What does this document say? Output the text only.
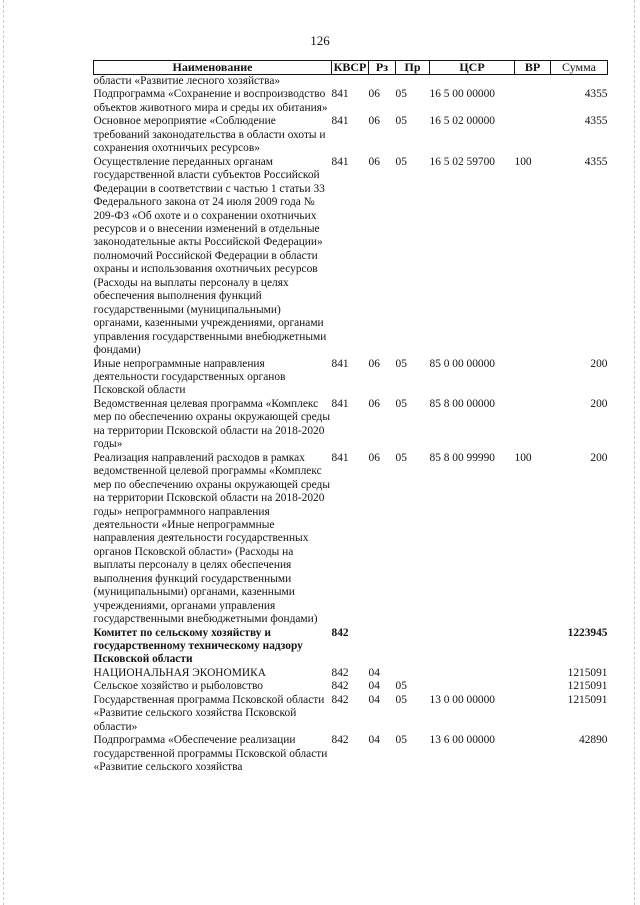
126
Наименование	КВСР	Рз	Пр	ЦСР	ВР	Сумма
области «Развитие лесного хозяйства»						
Подпрограмма «Сохранение и воспроизводство объектов животного мира и среды их обитания»	841	06	05	16 5 00 00000		4355
Основное мероприятие «Соблюдение требований законодательства в области охоты и сохранения охотничьих ресурсов»	841	06	05	16 5 02 00000		4355
Осуществление переданных органам государственной власти субъектов Российской Федерации в соответствии с частью 1 статьи 33 Федерального закона от 24 июля 2009 года № 209-ФЗ «Об охоте и о сохранении охотничьих ресурсов и о внесении изменений в отдельные законодательные акты Российской Федерации» полномочий Российской Федерации в области охраны и использования охотничьих ресурсов (Расходы на выплаты персоналу в целях обеспечения выполнения функций государственными (муниципальными) органами, казенными учреждениями, органами управления государственными внебюджетными фондами)	841	06	05	16 5 02 59700	100	4355
Иные непрограммные направления деятельности государственных органов Псковской области	841	06	05	85 0 00 00000		200
Ведомственная целевая программа «Комплекс мер по обеспечению охраны окружающей среды на территории Псковской области на 2018-2020 годы»	841	06	05	85 8 00 00000		200
Реализация направлений расходов в рамках ведомственной целевой программы «Комплекс мер по обеспечению охраны окружающей среды на территории Псковской области на 2018-2020 годы» непрограммного направления деятельности «Иные непрограммные направления деятельности государственных органов Псковской области» (Расходы на выплаты персоналу в целях обеспечения выполнения функций государственными (муниципальными) органами, казенными учреждениями, органами управления государственными внебюджетными фондами)	841	06	05	85 8 00 99990	100	200
Комитет по сельскому хозяйству и государственному техническому надзору Псковской области	842					1223945
НАЦИОНАЛЬНАЯ ЭКОНОМИКА	842	04				1215091
Сельское хозяйство и рыболовство	842	04	05			1215091
Государственная программа Псковской области «Развитие сельского хозяйства Псковской области»	842	04	05	13 0 00 00000		1215091
Подпрограмма «Обеспечение реализации государственной программы Псковской области «Развитие сельского хозяйства	842	04	05	13 6 00 00000		42890
